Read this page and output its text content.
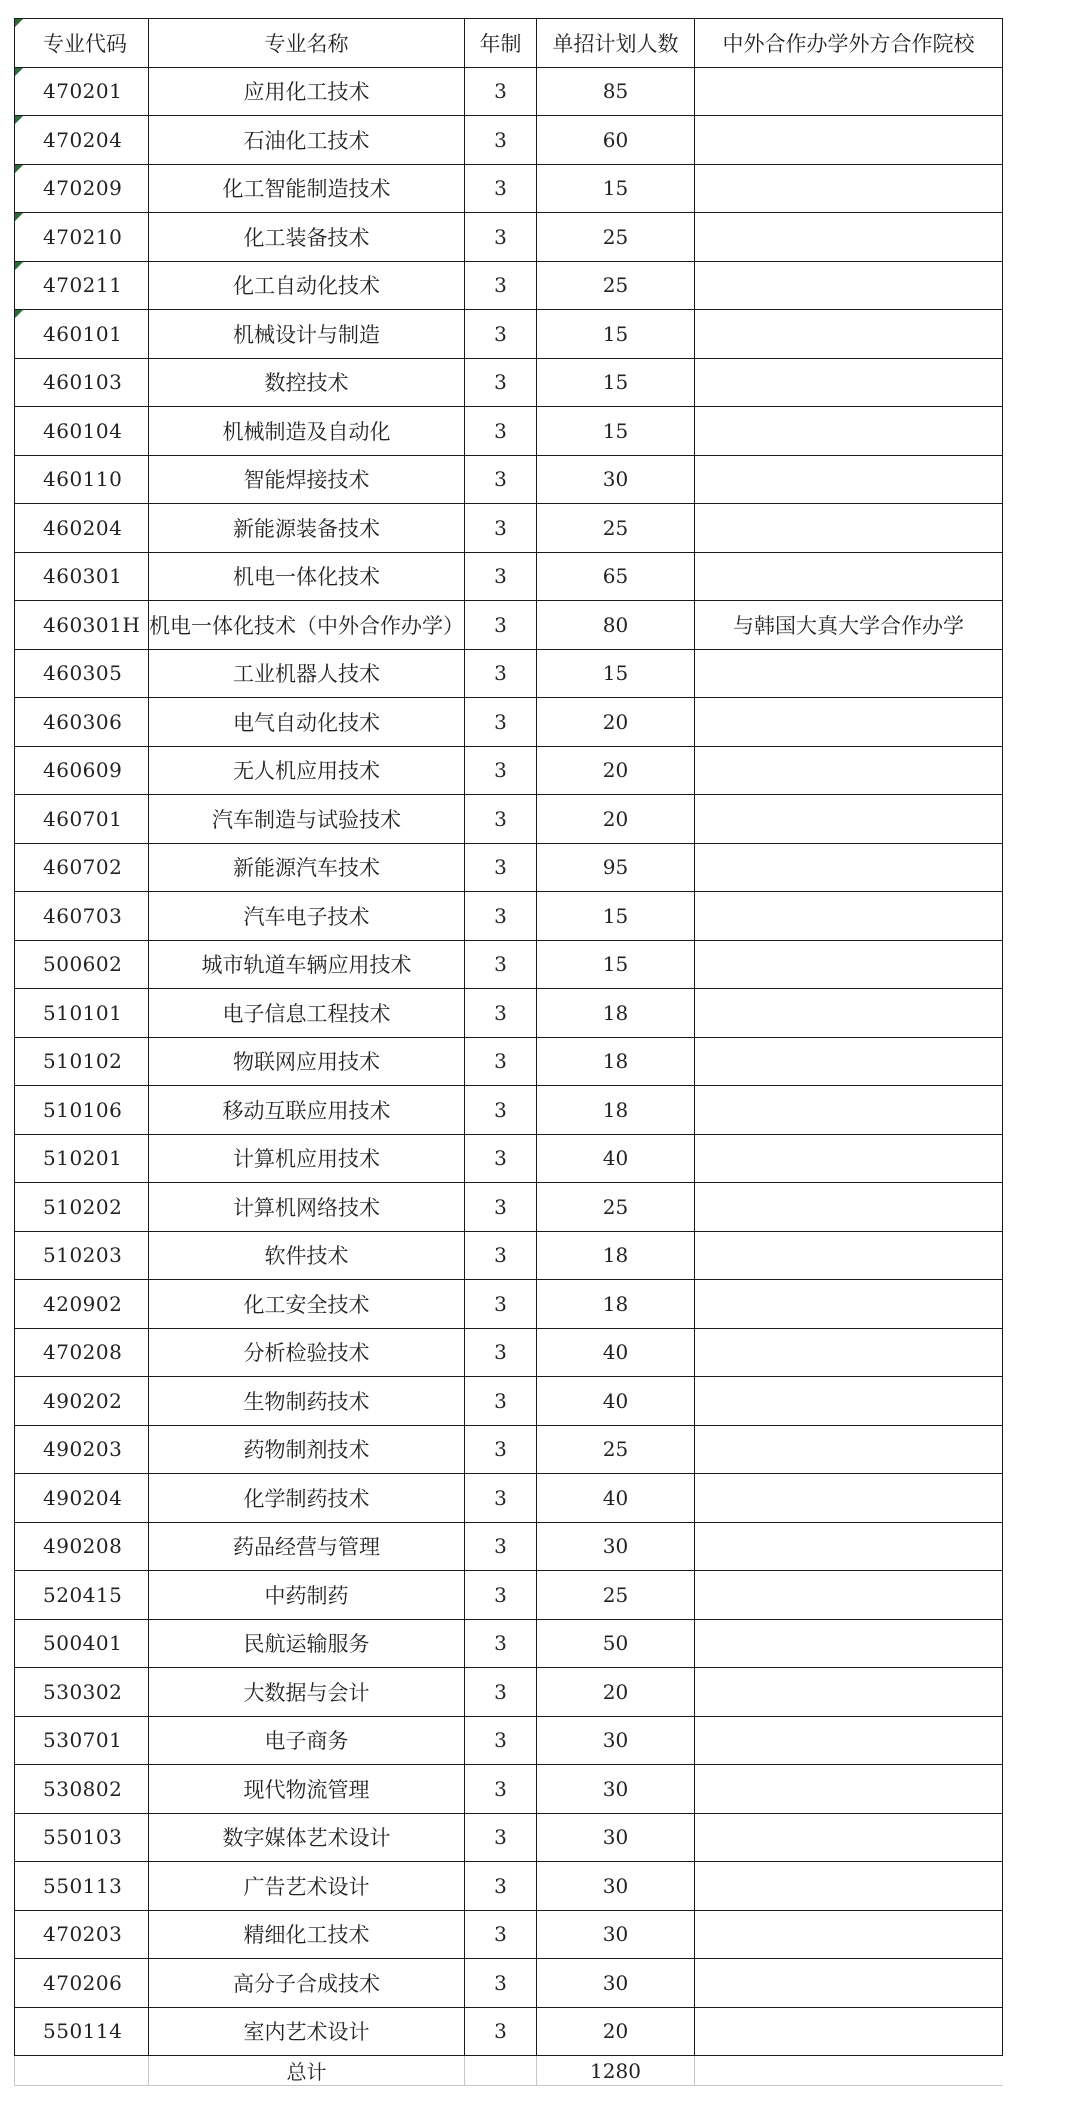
专业代码	专业名称	年制	单招计划人数	中外合作办学外方合作院校
470201	应用化工技术	3	85	
470204	石油化工技术	3	60	
470209	化工智能制造技术	3	15	
470210	化工装备技术	3	25	
470211	化工自动化技术	3	25	
460101	机械设计与制造	3	15	
460103	数控技术	3	15	
460104	机械制造及自动化	3	15	
460110	智能焊接技术	3	30	
460204	新能源装备技术	3	25	
460301	机电一体化技术	3	65	
460301H	机电一体化技术（中外合作办学）	3	80	与韩国大真大学合作办学
460305	工业机器人技术	3	15	
460306	电气自动化技术	3	20	
460609	无人机应用技术	3	20	
460701	汽车制造与试验技术	3	20	
460702	新能源汽车技术	3	95	
460703	汽车电子技术	3	15	
500602	城市轨道车辆应用技术	3	15	
510101	电子信息工程技术	3	18	
510102	物联网应用技术	3	18	
510106	移动互联应用技术	3	18	
510201	计算机应用技术	3	40	
510202	计算机网络技术	3	25	
510203	软件技术	3	18	
420902	化工安全技术	3	18	
470208	分析检验技术	3	40	
490202	生物制药技术	3	40	
490203	药物制剂技术	3	25	
490204	化学制药技术	3	40	
490208	药品经营与管理	3	30	
520415	中药制药	3	25	
500401	民航运输服务	3	50	
530302	大数据与会计	3	20	
530701	电子商务	3	30	
530802	现代物流管理	3	30	
550103	数字媒体艺术设计	3	30	
550113	广告艺术设计	3	30	
470203	精细化工技术	3	30	
470206	高分子合成技术	3	30	
550114	室内艺术设计	3	20	
	总计		1280	
